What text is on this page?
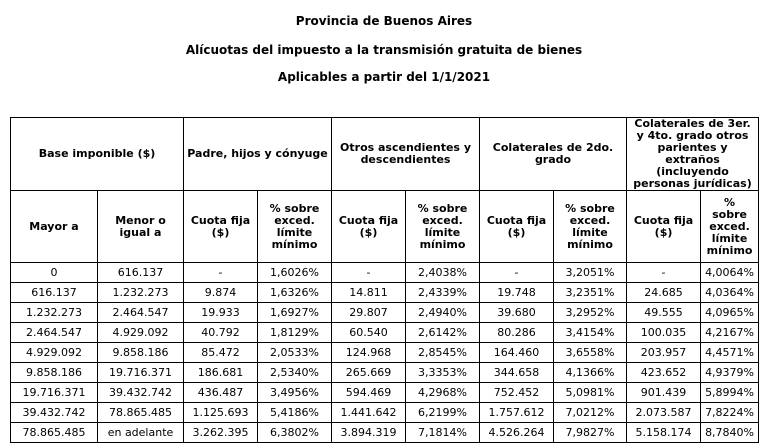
Provincia de Buenos Aires
Alícuotas del impuesto a la transmisión gratuita de bienes
Aplicables a partir del 1/1/2021
Base imponible ($)		Padre, hijos y cónyuge		Otros ascendientes y descendientes		Colaterales de 2do. grado		Colaterales de 3er. y 4to. grado otros parientes y extraños (incluyendo personas jurídicas)	
Mayor a	Menor o igual a	Cuota fija ($)	% sobre exced. límite mínimo	Cuota fija ($)	% sobre exced. límite mínimo	Cuota fija ($)	% sobre exced. límite mínimo	Cuota fija ($)	% sobre exced. límite mínimo
0	616.137	-	1,6026%	-	2,4038%	-	3,2051%	-	4,0064%
616.137	1.232.273	9.874	1,6326%	14.811	2,4339%	19.748	3,2351%	24.685	4,0364%
1.232.273	2.464.547	19.933	1,6927%	29.807	2,4940%	39.680	3,2952%	49.555	4,0965%
2.464.547	4.929.092	40.792	1,8129%	60.540	2,6142%	80.286	3,4154%	100.035	4,2167%
4.929.092	9.858.186	85.472	2,0533%	124.968	2,8545%	164.460	3,6558%	203.957	4,4571%
9.858.186	19.716.371	186.681	2,5340%	265.669	3,3353%	344.658	4,1366%	423.652	4,9379%
19.716.371	39.432.742	436.487	3,4956%	594.469	4,2968%	752.452	5,0981%	901.439	5,8994%
39.432.742	78.865.485	1.125.693	5,4186%	1.441.642	6,2199%	1.757.612	7,0212%	2.073.587	7,8224%
78.865.485	en adelante	3.262.395	6,3802%	3.894.319	7,1814%	4.526.264	7,9827%	5.158.174	8,7840%
